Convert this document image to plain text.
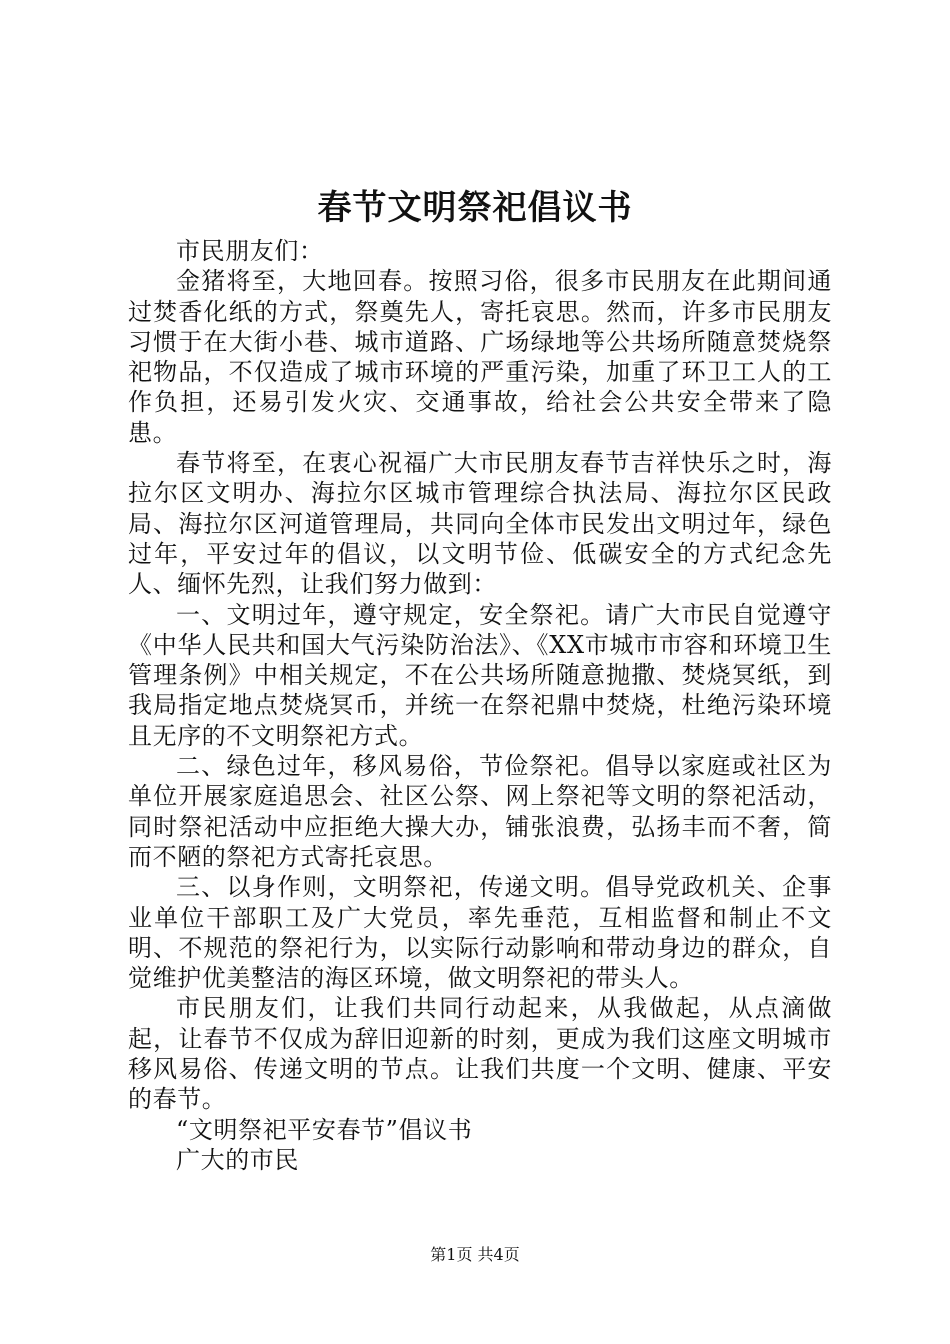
春节文明祭祀倡议书

市民朋友们：

金猪将至，大地回春。按照习俗，很多市民朋友在此期间通过焚香化纸的方式，祭奠先人，寄托哀思。然而，许多市民朋友习惯于在大街小巷、城市道路、广场绿地等公共场所随意焚烧祭祀物品，不仅造成了城市环境的严重污染，加重了环卫工人的工作负担，还易引发火灾、交通事故，给社会公共安全带来了隐患。

春节将至，在衷心祝福广大市民朋友春节吉祥快乐之时，海拉尔区文明办、海拉尔区城市管理综合执法局、海拉尔区民政局、海拉尔区河道管理局，共同向全体市民发出文明过年，绿色过年，平安过年的倡议，以文明节俭、低碳安全的方式纪念先人、缅怀先烈，让我们努力做到：

一、文明过年，遵守规定，安全祭祀。请广大市民自觉遵守《中华人民共和国大气污染防治法》、《XX市城市市容和环境卫生管理条例》中相关规定，不在公共场所随意抛撒、焚烧冥纸，到我局指定地点焚烧冥币，并统一在祭祀鼎中焚烧，杜绝污染环境且无序的不文明祭祀方式。

二、绿色过年，移风易俗，节俭祭祀。倡导以家庭或社区为单位开展家庭追思会、社区公祭、网上祭祀等文明的祭祀活动，同时祭祀活动中应拒绝大操大办，铺张浪费，弘扬丰而不奢，简而不陋的祭祀方式寄托哀思。

三、以身作则，文明祭祀，传递文明。倡导党政机关、企事业单位干部职工及广大党员，率先垂范，互相监督和制止不文明、不规范的祭祀行为，以实际行动影响和带动身边的群众，自觉维护优美整洁的海区环境，做文明祭祀的带头人。

市民朋友们，让我们共同行动起来，从我做起，从点滴做起，让春节不仅成为辞旧迎新的时刻，更成为我们这座文明城市移风易俗、传递文明的节点。让我们共度一个文明、健康、平安的春节。

“文明祭祀平安春节”倡议书

广大的市民

第1页 共4页
